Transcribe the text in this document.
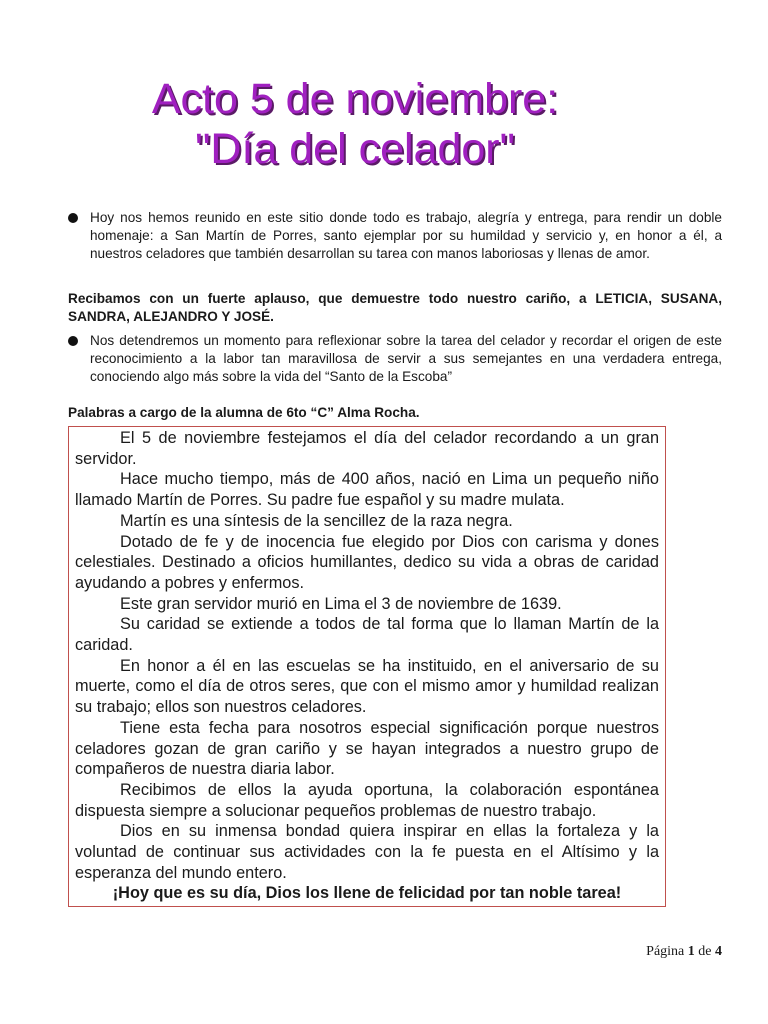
Acto 5 de noviembre:
"Día del celador"
Hoy nos hemos reunido en este sitio donde todo es trabajo, alegría y entrega, para rendir un doble homenaje: a San Martín de Porres, santo ejemplar por su humildad y servicio y, en honor a él, a nuestros celadores que también desarrollan su tarea con manos laboriosas y llenas de amor.
Recibamos con un fuerte aplauso, que demuestre todo nuestro cariño, a LETICIA, SUSANA, SANDRA, ALEJANDRO Y JOSÉ.
Nos detendremos un momento para reflexionar sobre la tarea del celador y recordar el origen de este reconocimiento a la labor tan maravillosa de servir a sus semejantes en una verdadera entrega, conociendo algo más sobre la vida del “Santo de la Escoba”
Palabras a cargo de la alumna de 6to “C” Alma Rocha.

El 5 de noviembre festejamos el día del celador recordando a un gran servidor.

Hace mucho tiempo, más de 400 años, nació en Lima un pequeño niño llamado Martín de Porres. Su padre fue español y su madre mulata.

Martín es una síntesis de la sencillez de la raza negra.

Dotado de fe y de inocencia fue elegido por Dios con carisma y dones celestiales. Destinado a oficios humillantes, dedico su vida a obras de caridad ayudando a pobres y enfermos.

Este gran servidor murió en Lima el 3 de noviembre de 1639.

Su caridad se extiende a todos de tal forma que lo llaman Martín de la caridad.

En honor a él en las escuelas se ha instituido, en el aniversario de su muerte, como el día de otros seres, que con el mismo amor y humildad realizan su trabajo; ellos son nuestros celadores.

Tiene esta fecha para nosotros especial significación porque nuestros celadores gozan de gran cariño y se hayan integrados a nuestro grupo de compañeros de nuestra diaria labor.

Recibimos de ellos la ayuda oportuna, la colaboración espontánea dispuesta siempre a solucionar pequeños problemas de nuestro trabajo.

Dios en su inmensa bondad quiera inspirar en ellas la fortaleza y la voluntad de continuar sus actividades con la fe puesta en el Altísimo y la esperanza del mundo entero.

¡Hoy que es su día, Dios los llene de felicidad por tan noble tarea!

Página 1 de 4
